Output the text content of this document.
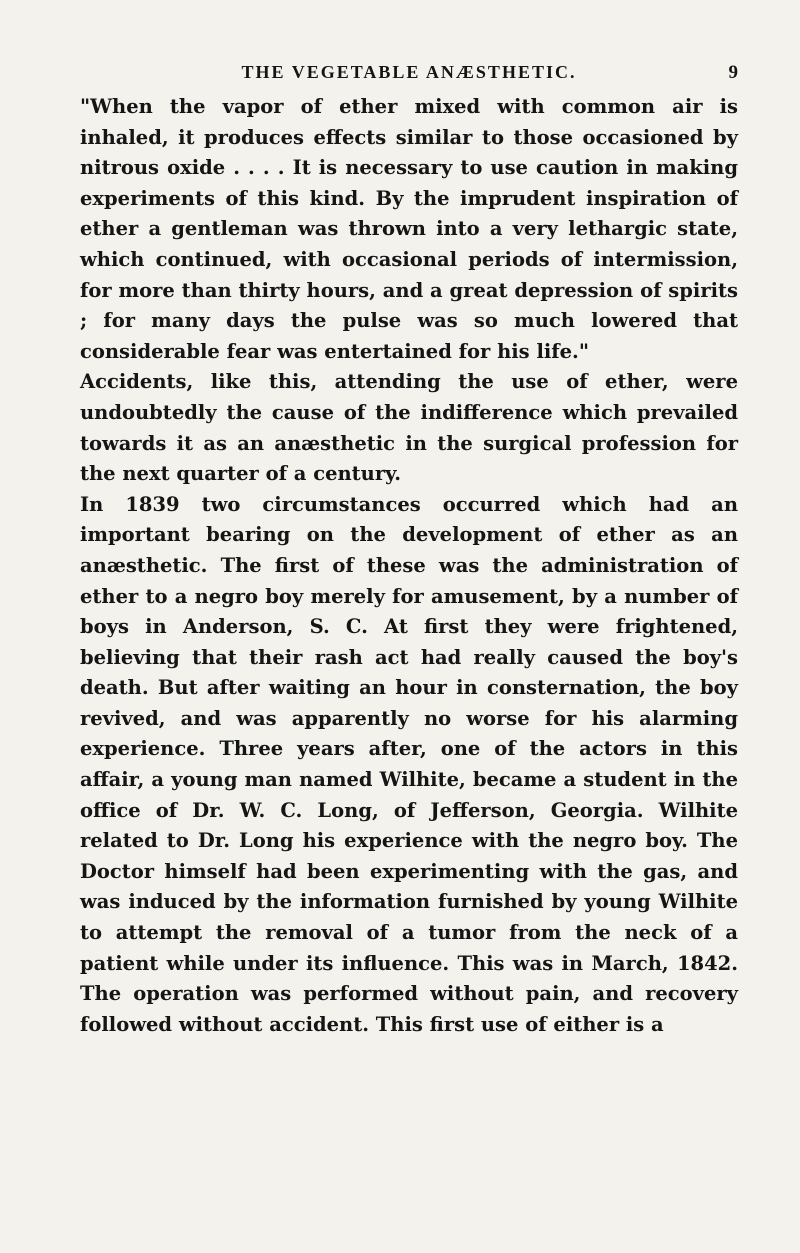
THE VEGETABLE ANÆSTHETIC.	9

"When the vapor of ether mixed with common air is inhaled, it produces effects similar to those occasioned by nitrous oxide . . . . It is necessary to use caution in making experiments of this kind. By the imprudent inspiration of ether a gentleman was thrown into a very lethargic state, which continued, with occasional periods of intermission, for more than thirty hours, and a great depression of spirits ; for many days the pulse was so much lowered that considerable fear was entertained for his life."

Accidents, like this, attending the use of ether, were undoubtedly the cause of the indifference which prevailed towards it as an anæsthetic in the surgical profession for the next quarter of a century.

In 1839 two circumstances occurred which had an important bearing on the development of ether as an anæsthetic. The first of these was the administration of ether to a negro boy merely for amusement, by a number of boys in Anderson, S. C. At first they were frightened, believing that their rash act had really caused the boy's death. But after waiting an hour in consternation, the boy revived, and was apparently no worse for his alarming experience. Three years after, one of the actors in this affair, a young man named Wilhite, became a student in the office of Dr. W. C. Long, of Jefferson, Georgia. Wilhite related to Dr. Long his experience with the negro boy. The Doctor himself had been experimenting with the gas, and was induced by the information furnished by young Wilhite to attempt the removal of a tumor from the neck of a patient while under its influence. This was in March, 1842. The operation was performed without pain, and recovery followed without accident. This first use of either is a
